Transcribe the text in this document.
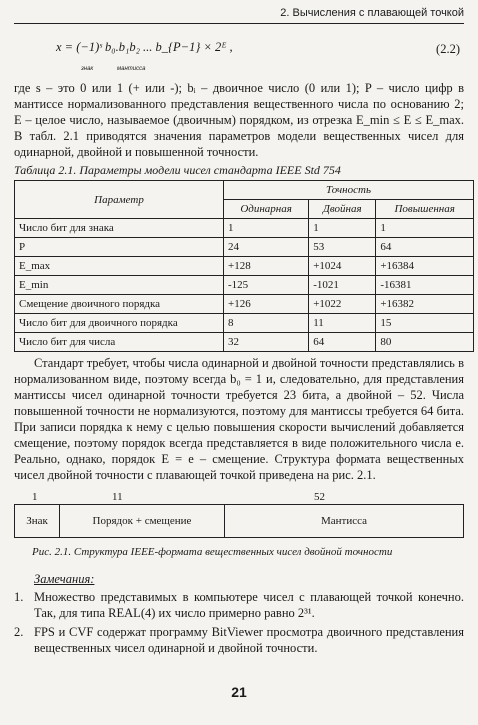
2. Вычисления с плавающей точкой
x = (−1)ˢ b₀.b₁b₂ ... b_{P−1} × 2ᴱ ,	(2.2)
знак	мантисса

где s – это 0 или 1 (+ или -); bᵢ – двоичное число (0 или 1); P – число цифр в мантиссе нормализованного представления вещественного числа по основанию 2; E – целое число, называемое (двоичным) порядком, из отрезка E_min ≤ E ≤ E_max. В табл. 2.1 приводятся значения параметров модели вещественных чисел для одинарной, двойной и повышенной точности.

Таблица 2.1. Параметры модели чисел стандарта IEEE Std 754
Параметр	Точность		
	Одинарная	Двойная	Повышенная
Число бит для знака	1	1	1
P	24	53	64
E_max	+128	+1024	+16384
E_min	-125	-1021	-16381
Смещение двоичного порядка	+126	+1022	+16382
Число бит для двоичного порядка	8	11	15
Число бит для числа	32	64	80

Стандарт требует, чтобы числа одинарной и двойной точности представлялись в нормализованном виде, поэтому всегда b₀ = 1 и, следовательно, для представления мантиссы чисел одинарной точности требуется 23 бита, а двойной – 52. Числа повышенной точности не нормализуются, поэтому для мантиссы требуется 64 бита. При записи порядка к нему с целью повышения скорости вычислений добавляется смещение, поэтому порядок всегда представляется в виде положительного числа e. Реально, однако, порядок E = e – смещение. Структура формата вещественных чисел двойной точности с плавающей точкой приведена на рис. 2.1.

1	11	52
Знак	Порядок + смещение	Мантисса
Рис. 2.1. Структура IEEE-формата вещественных чисел двойной точности
Замечания:
1. Множество представимых в компьютере чисел с плавающей точкой конечно. Так, для типа REAL(4) их число примерно равно 2³¹.
2. FPS и CVF содержат программу BitViewer просмотра двоичного представления вещественных чисел одинарной и двойной точности.
21
